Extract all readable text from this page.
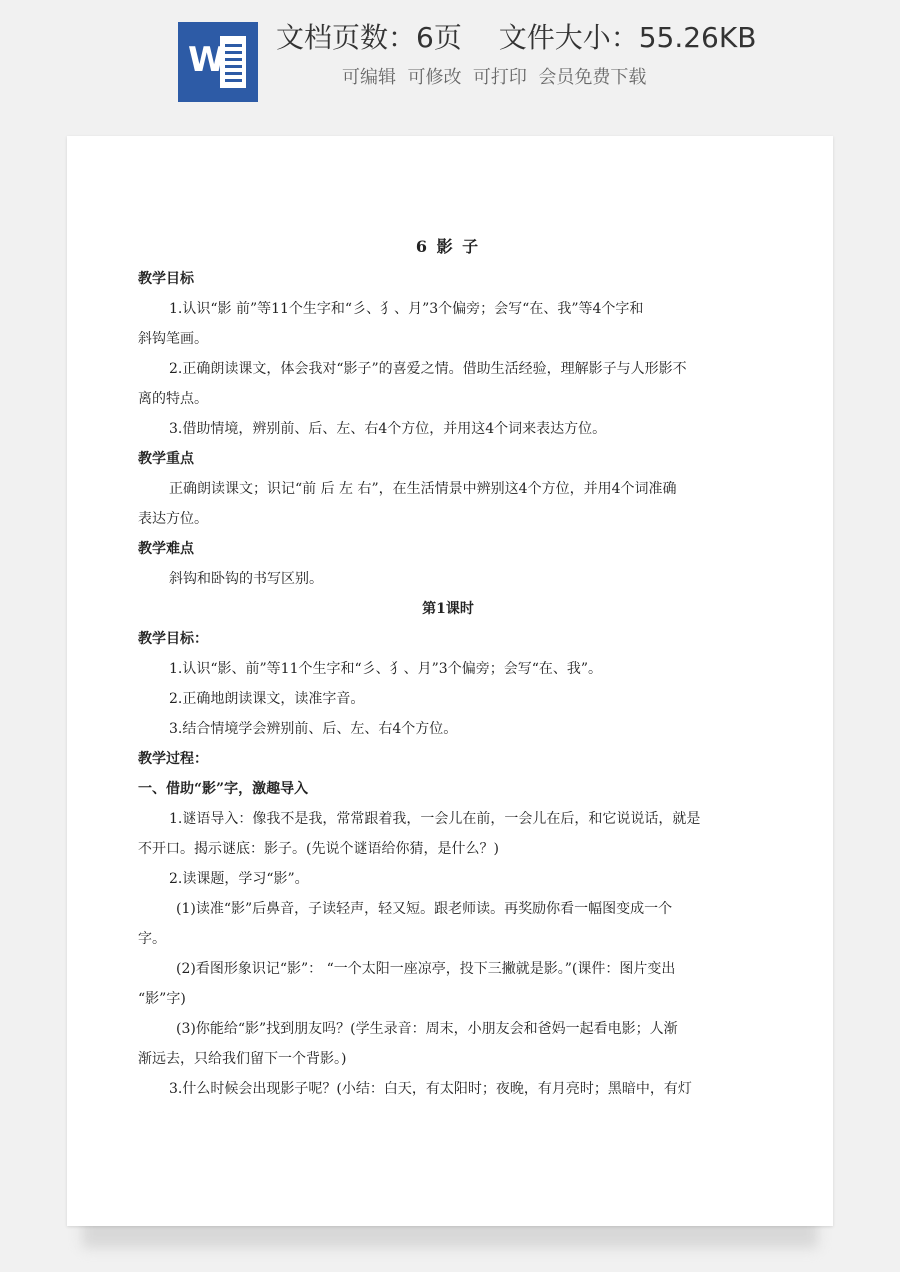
W
文档页数：6页　 文件大小：55.26KB
可编辑  可修改  可打印  会员免费下载
6 影 子
教学目标
1.认识“影 前”等11个生字和“彡、犭、月”3个偏旁；会写“在、我”等4个字和
斜钩笔画。
2.正确朗读课文，体会我对“影子”的喜爱之情。借助生活经验，理解影子与人形影不
离的特点。
3.借助情境，辨别前、后、左、右4个方位，并用这4个词来表达方位。
教学重点
正确朗读课文；识记“前 后 左 右”，在生活情景中辨别这4个方位，并用4个词准确
表达方位。
教学难点
斜钩和卧钩的书写区别。
第1课时
教学目标：
1.认识“影、前”等11个生字和“彡、犭、月”3个偏旁；会写“在、我”。
2.正确地朗读课文，读准字音。
3.结合情境学会辨别前、后、左、右4个方位。
教学过程：
一、借助“影”字，激趣导入
1.谜语导入：像我不是我，常常跟着我，一会儿在前，一会儿在后，和它说说话，就是
不开口。揭示谜底：影子。(先说个谜语给你猜，是什么？)
2.读课题，学习“影”。
(1)读准“影”后鼻音，子读轻声，轻又短。跟老师读。再奖励你看一幅图变成一个
字。
(2)看图形象识记“影”： “一个太阳一座凉亭，投下三撇就是影。”(课件：图片变出
“影”字)
(3)你能给“影”找到朋友吗？(学生录音：周末，小朋友会和爸妈一起看电影；人渐
渐远去，只给我们留下一个背影。)
3.什么时候会出现影子呢？(小结：白天，有太阳时；夜晚，有月亮时；黑暗中，有灯
